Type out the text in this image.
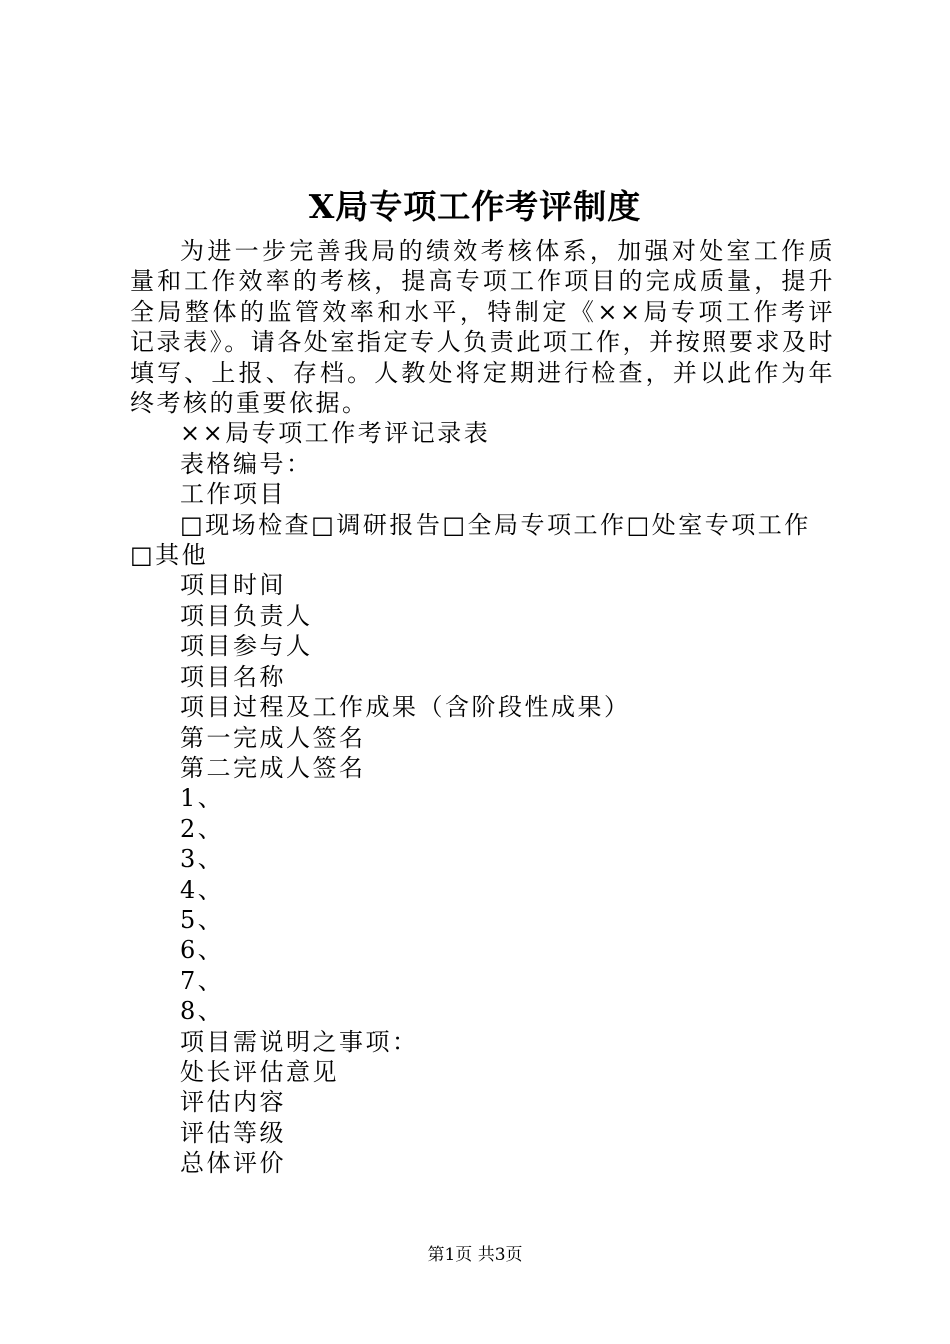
X局专项工作考评制度

为进一步完善我局的绩效考核体系，加强对处室工作质量和工作效率的考核，提高专项工作项目的完成质量，提升全局整体的监管效率和水平，特制定《××局专项工作考评记录表》。请各处室指定专人负责此项工作，并按照要求及时填写、上报、存档。人教处将定期进行检查，并以此作为年终考核的重要依据。

××局专项工作考评记录表

表格编号：

工作项目

□现场检查□调研报告□全局专项工作□处室专项工作□其他

项目时间

项目负责人

项目参与人

项目名称

项目过程及工作成果（含阶段性成果）

第一完成人签名

第二完成人签名

1、

2、

3、

4、

5、

6、

7、

8、

项目需说明之事项：

处长评估意见

评估内容

评估等级

总体评价

第1页 共3页
